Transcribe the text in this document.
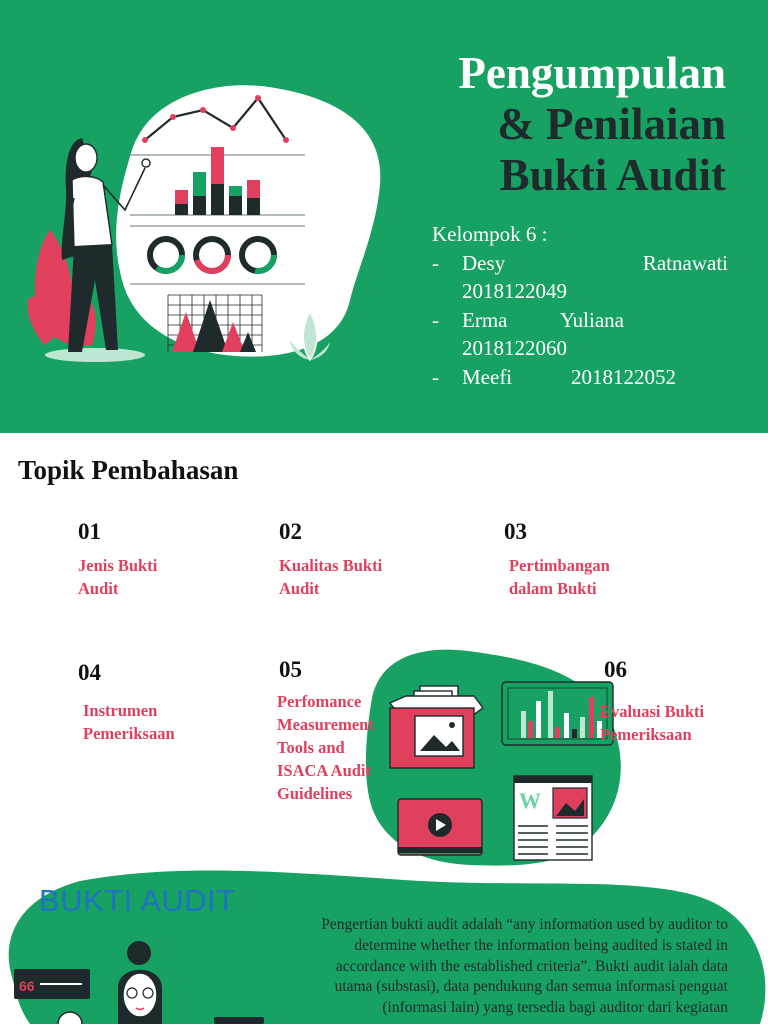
Pengumpulan
& Penilaian
Bukti Audit
Kelompok 6 :
-	Desy	Ratnawati
2018122049
-	Erma Yuliana
2018122060
-	Meefi	2018122052
W
Topik Pembahasan
01
Jenis Bukti
Audit
02
Kualitas Bukti
Audit
03
Pertimbangan
dalam Bukti
04
Instrumen
Pemeriksaan
05
Perfomance
Measurement
Tools and
ISACA Audit
Guidelines
06
Evaluasi Bukti
Pemeriksaan
66
BUKTI AUDIT
Pengertian bukti audit adalah “any information used by auditor to
determine whether the information being audited is stated in
accordance with the established criteria”. Bukti audit ialah data
utama (substasi), data pendukung dan semua informasi penguat
(informasi lain) yang tersedia bagi auditor dari kegiatan
